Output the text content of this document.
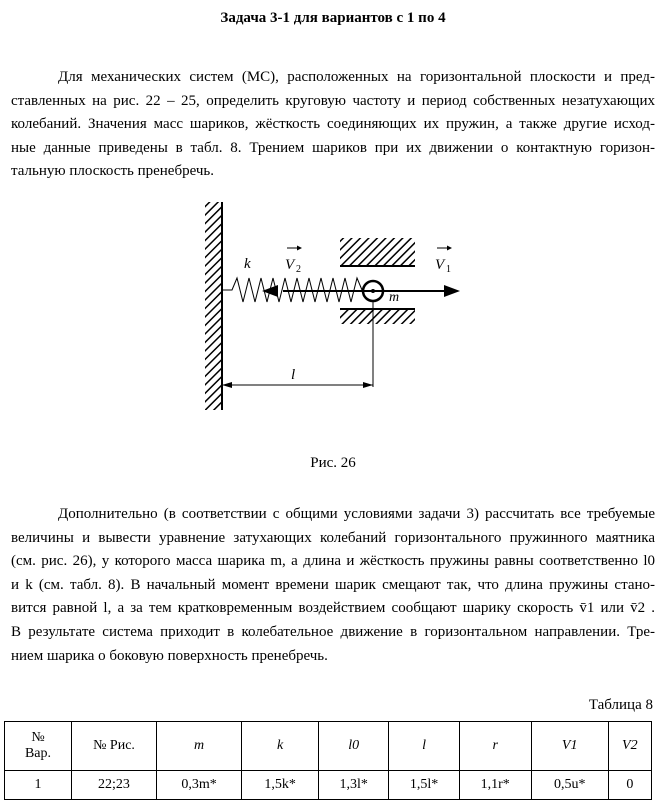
Задача 3-1 для вариантов с 1 по 4
Для механических систем (МС), расположенных на горизонтальной плоскости и пред-
ставленных на рис. 22 – 25, определить круговую частоту и период собственных незатухающих
колебаний. Значения масс шариков, жёсткость соединяющих их пружин, а также другие исход-
ные данные приведены в табл. 8. Трением шариков при их движении о контактную горизон-
тальную плоскость пренебречь.
k V 2	V 1
m
l
Рис. 26
Дополнительно (в соответствии с общими условиями задачи 3) рассчитать все требуемые
величины и вывести уравнение затухающих колебаний горизонтального пружинного маятника
(см. рис. 26), у которого масса шарика m, а длина и жёсткость пружины равны соответственно l0
и k (см. табл. 8). В начальный момент времени шарик смещают так, что длина пружины стано-
вится равной l, а за тем кратковременным воздействием сообщают шарику скорость v̄1 или v̄2 .
В результате система приходит в колебательное движение в горизонтальном направлении. Тре-
нием шарика о боковую поверхность пренебречь.
Таблица 8
№
Вар.	№ Рис.	m	k	l0	l	r	V1	V2
1	22;23	0,3m*	1,5k*	1,3l*	1,5l*	1,1r*	0,5u*	0
